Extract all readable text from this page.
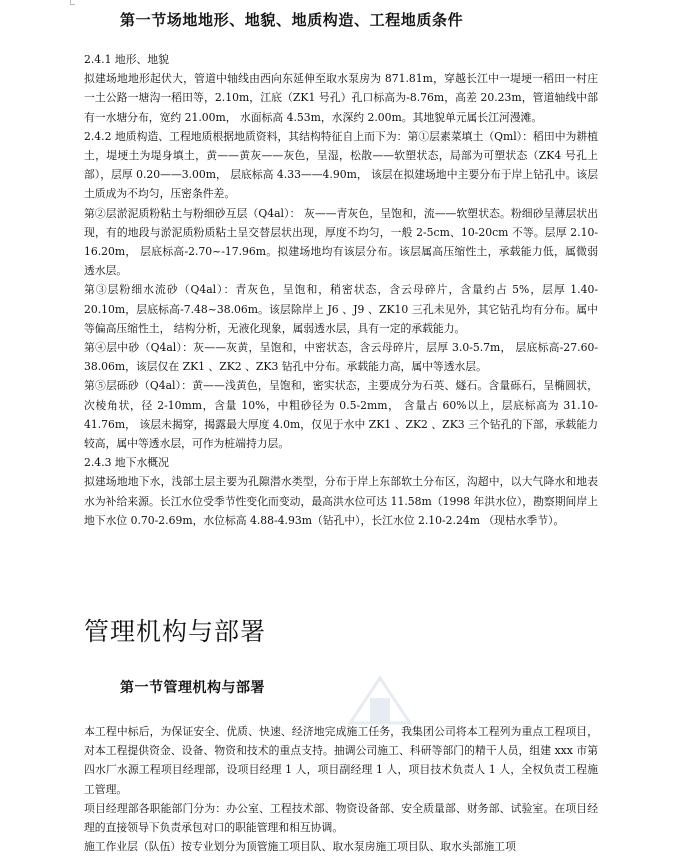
第一节场地地形、地貌、地质构造、工程地质条件
2.4.1 地形、地貌

拟建场地地形起伏大，管道中轴线由西向东延伸至取水泵房为 871.81m，穿越长江中一堤埂一稻田一村庄一土公路一塘沟一稻田等，2.10m，江底（ZK1 号孔）孔口标高为-8.76m，高差 20.23m，管道轴线中部有一水塘分布，宽约 21.00m， 水面标高 4.53m，水深约 2.00m。其地貌单元属长江河漫滩。

2.4.2 地质构造、工程地质根据地质资料，其结构特征自上而下为：第①层素菜填土（Qml）：稻田中为耕植土，堤埂土为堤身填土，黄——黄灰——灰色，呈湿，松散——软塑状态，局部为可塑状态（ZK4 号孔上部），层厚 0.20——3.00m， 层底标高 4.33——4.90m， 该层在拟建场地中主要分布于岸上钻孔中。该层土质成为不均匀，压密条件差。

第②层淤泥质粉粘土与粉细砂互层（Q4al）： 灰——青灰色，呈饱和，流——软塑状态。粉细砂呈薄层状出现，有的地段与淤泥质粉质粘土呈交替层状出现，厚度不均匀，一般 2-5cm、10-20cm 不等。层厚 2.10-16.20m， 层底标高-2.70~-17.96m。拟建场地均有该层分布。该层属高压缩性土，承载能力低，属微弱透水层。

第③层粉细水流砂（Q4al）：青灰色，呈饱和，稍密状态，含云母碎片，含量约占 5%，层厚 1.40-20.10m，层底标高-7.48~38.06m。该层除岸上 J6 、J9 、ZK10 三孔未见外，其它钻孔均有分布。属中等偏高压缩性土， 结构分析，无液化现象，属弱透水层，具有一定的承载能力。

第④层中砂（Q4al）：灰——灰黄，呈饱和，中密状态，含云母碎片，层厚 3.0-5.7m， 层底标高-27.60-38.06m，该层仅在 ZK1 、ZK2 、ZK3 钻孔中分布。承载能力高，属中等透水层。

第⑤层砾砂（Q4al）：黄——浅黄色，呈饱和，密实状态，主要成分为石英、燧石。含量砾石，呈椭圆状，次棱角状，径 2-10mm，含量 10%，中粗砂径为 0.5-2mm， 含量占 60%以上，层底标高为 31.10-41.76m， 该层未揭穿，揭露最大厚度 4.0m，仅见于水中 ZK1 、ZK2 、ZK3 三个钻孔的下部，承载能力较高，属中等透水层，可作为桩端持力层。

2.4.3 地下水概况

拟建场地地下水，浅部土层主要为孔隙潜水类型，分布于岸上东部软土分布区，沟超中，以大气降水和地表水为补给来源。长江水位受季节性变化而变动，最高洪水位可达 11.58m（1998 年洪水位），勘察期间岸上地下水位 0.70-2.69m，水位标高 4.88-4.93m（钻孔中），长江水位 2.10-2.24m （现枯水季节）。

管理机构与部署
第一节管理机构与部署

本工程中标后，为保证安全、优质、快速、经济地完成施工任务，我集团公司将本工程列为重点工程项目，对本工程提供资金、设备、物资和技术的重点支持。抽调公司施工、科研等部门的精干人员，组建 xxx 市第四水厂水源工程项目经理部，设项目经理 1 人，项目副经理 1 人，项目技术负责人 1 人，全权负责工程施工管理。

项目经理部各职能部门分为：办公室、工程技术部、物资设备部、安全质量部、财务部、试验室。在项目经理的直接领导下负责承包对口的职能管理和相互协调。

施工作业层（队伍）按专业划分为顶管施工项目队、取水泵房施工项目队、取水头部施工项
